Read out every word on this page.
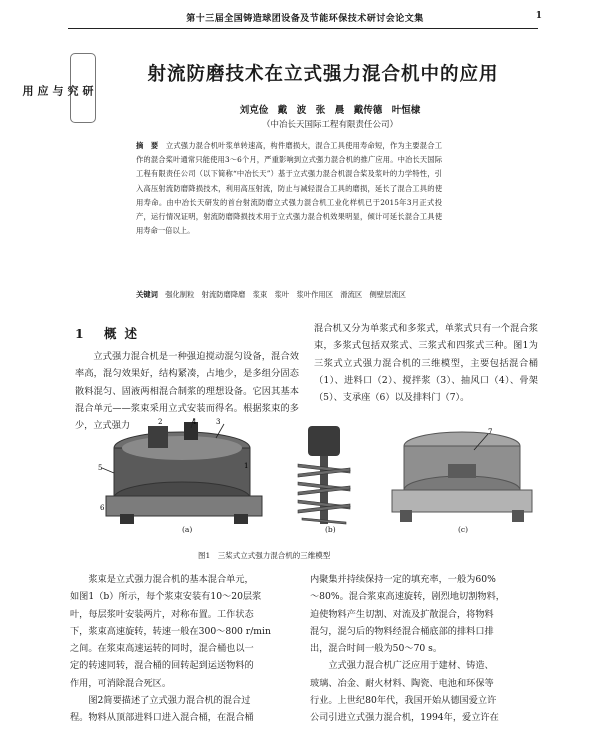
第十三届全国铸造球团设备及节能环保技术研讨会论文集	1
研
究
与
应
用
射流防磨技术在立式强力混合机中的应用
刘克俭　戴　波　张　晨　戴传德　叶恒棣
（中冶长天国际工程有限责任公司）
摘　要　 立式强力混合机叶浆单转速高，构件磨损大，混合工具使用寿命短，作为主要混合工作的混合桨叶通常只能使用3～6个月，严重影响到立式强力混合机的推广应用。中冶长天国际工程有限责任公司（以下简称“中冶长天”）基于立式强力混合机混合桨及浆叶的力学特性，引入高压射流防磨降损技术，利用高压射流，防止与减轻混合工具的磨损，延长了混合工具的使用寿命。由中冶长天研发的首台射流防磨立式强力混合机工业化样机已于2015年3月正式投产，运行情况证明，射流防磨降损技术用于立式强力混合机效果明显，倾计可延长混合工具使用寿命一倍以上。
关键词　 强化制粒　射流防磨降磨　浆束　浆叶　浆叶作用区　滑流区　侧壁层流区
1 概述
立式强力混合机是一种强迫搅动混匀设备，混合效率高，混匀效果好，结构紧凑，占地少，是多组分固态散料混匀、固液两相混合制浆的理想设备。它因其基本混合单元——浆束采用立式安装而得名。根据浆束的多少，立式强力
混合机又分为单浆式和多浆式，单浆式只有一个混合浆束，多浆式包括双浆式、三浆式和四浆式三种。图1为三浆式立式强力混合机的三维模型，主要包括混合桶（1）、进料口（2）、搅拌浆（3）、抽风口（4）、骨架（5）、支承座（6）以及排料门（7）。
5
3
4
2
1
6
7
(a)	(b)	(c)
图1　三桨式立式强力混合机的三维模型
　　浆束是立式强力混合机的基本混合单元，
如图1（b）所示，每个浆束安装有10～20层浆
叶，每层浆叶安装两片，对称布置。工作状态
下，浆束高速旋转，转速一般在300～800 r/min
之间。在浆束高速运转的同时，混合桶也以一
定的转速同转，混合桶的回转起到运送物料的
作用，可消除混合死区。
　　图2简要描述了立式强力混合机的混合过
程。物料从顶部进料口进入混合桶，在混合桶
内聚集并持续保持一定的填充率，一般为60%
～80%。混合浆束高速旋转，剧烈地切割物料，
迫使物料产生切割、对流及扩散混合，将物料
混匀，混匀后的物料经混合桶底部的排料口排
出，混合时间一般为50～70 s。
　　立式强力混合机广泛应用于建材、铸造、
玻璃、冶金、耐火材料、陶瓷、电池和环保等
行业。上世纪80年代，我国开始从德国爱立许
公司引进立式强力混合机，1994年，爱立许在
